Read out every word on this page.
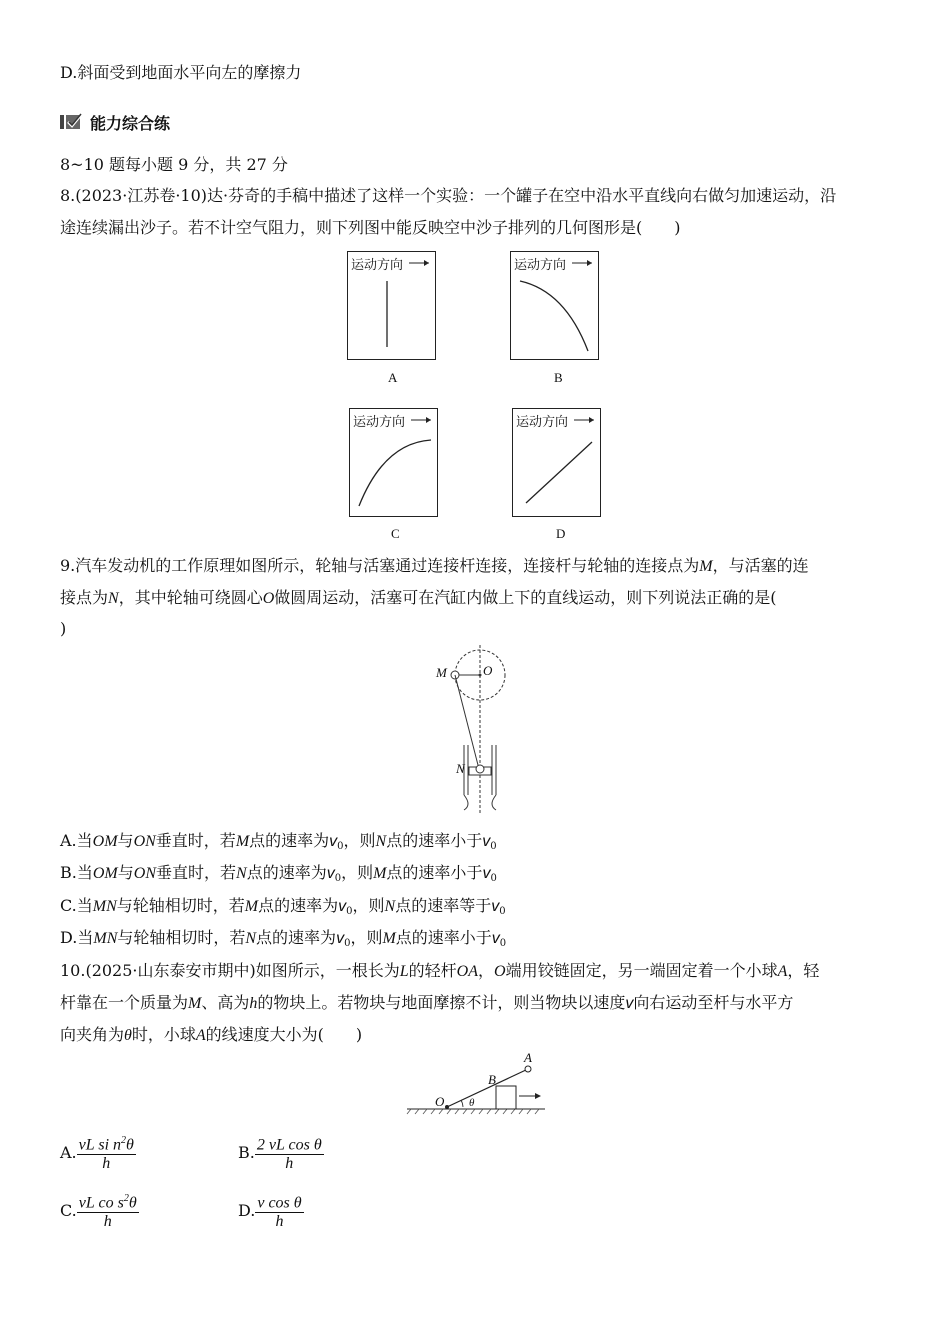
D.斜面受到地面水平向左的摩擦力
能力综合练
8~10 题每小题 9 分，共 27 分
8.(2023·江苏卷·10)达·芬奇的手稿中描述了这样一个实验：一个罐子在空中沿水平直线向右做匀加速运动，沿
途连续漏出沙子。若不计空气阻力，则下列图中能反映空中沙子排列的几何图形是(　　)
运动方向
A
运动方向
B
运动方向
C
运动方向
D
9.汽车发动机的工作原理如图所示，轮轴与活塞通过连接杆连接，连接杆与轮轴的连接点为M，与活塞的连
接点为N，其中轮轴可绕圆心O做圆周运动，活塞可在汽缸内做上下的直线运动，则下列说法正确的是(
)
M	O
N
A.当OM与ON垂直时，若M点的速率为$v_0$，则N点的速率小于$v_0$
B.当OM与ON垂直时，若N点的速率为$v_0$，则M点的速率小于$v_0$
C.当MN与轮轴相切时，若M点的速率为$v_0$，则N点的速率等于$v_0$
D.当MN与轮轴相切时，若N点的速率为$v_0$，则M点的速率小于$v_0$
10.(2025·山东泰安市期中)如图所示，一根长为L的轻杆OA，O端用铰链固定，另一端固定着一个小球A，轻
杆靠在一个质量为M、高为h的物块上。若物块与地面摩擦不计，则当物块以速度v向右运动至杆与水平方
向夹角为θ时，小球A的线速度大小为(　　)
A
B
O θ
A. $\frac{vL si n^2\theta}{h}$	B. $\frac{\text{2 vL cos θ}}{h}$
C. $\frac{vL co s^2\theta}{h}$	D. $\frac{\text{v cos θ}}{h}$
